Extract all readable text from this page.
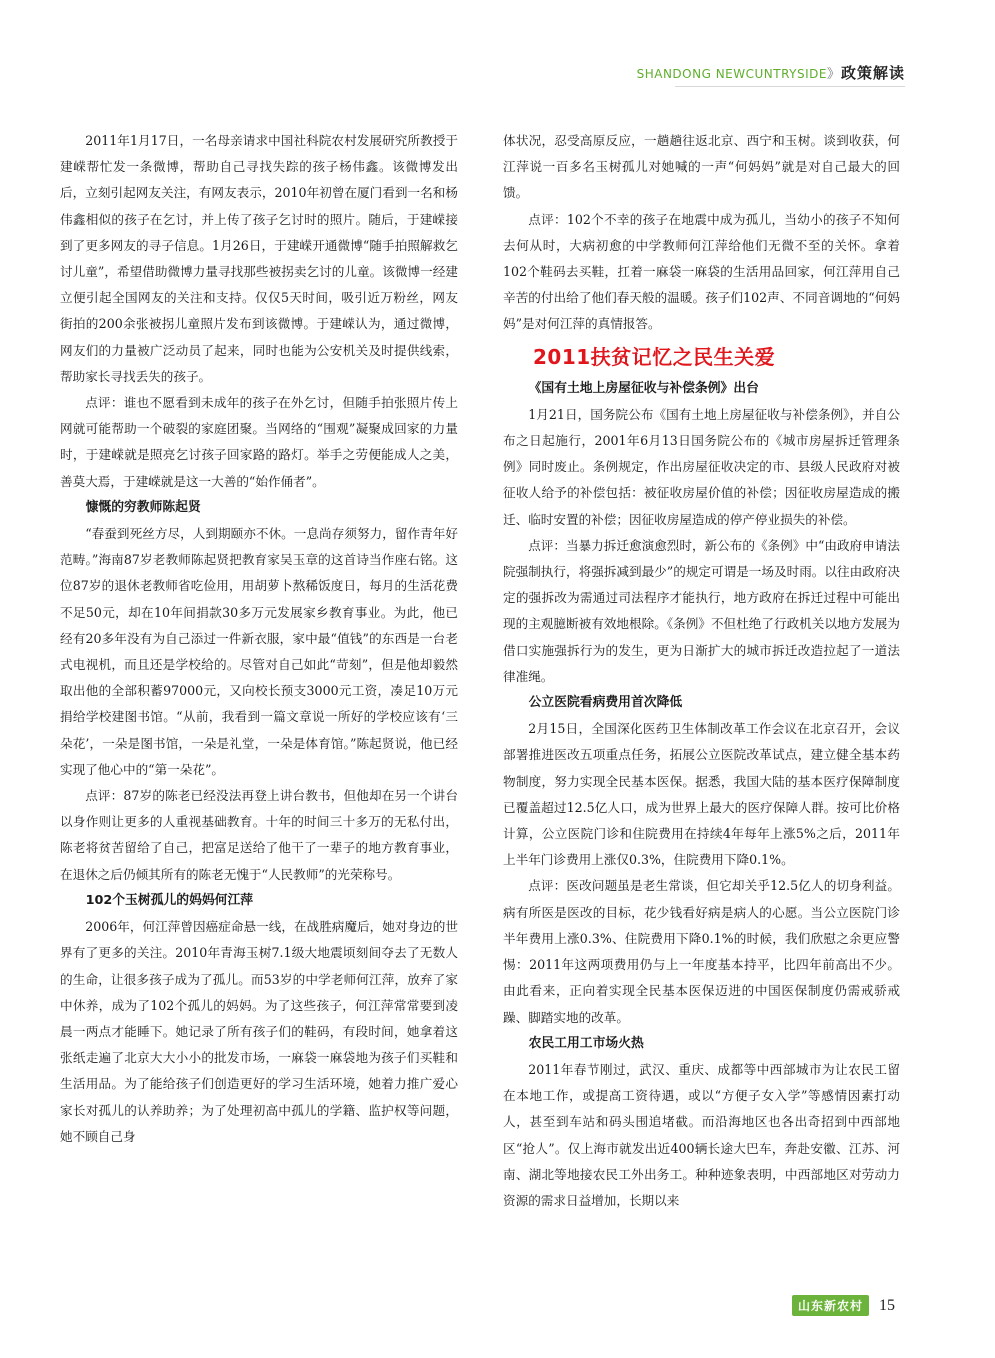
SHANDONG NEWCUNTRYSIDE》政策解读

2011年1月17日，一名母亲请求中国社科院农村发展研究所教授于建嵘帮忙发一条微博，帮助自己寻找失踪的孩子杨伟鑫。该微博发出后，立刻引起网友关注，有网友表示，2010年初曾在厦门看到一名和杨伟鑫相似的孩子在乞讨，并上传了孩子乞讨时的照片。随后，于建嵘接到了更多网友的寻子信息。1月26日，于建嵘开通微博“随手拍照解救乞讨儿童”，希望借助微博力量寻找那些被拐卖乞讨的儿童。该微博一经建立便引起全国网友的关注和支持。仅仅5天时间，吸引近万粉丝，网友街拍的200余张被拐儿童照片发布到该微博。于建嵘认为，通过微博，网友们的力量被广泛动员了起来，同时也能为公安机关及时提供线索，帮助家长寻找丢失的孩子。

点评：谁也不愿看到未成年的孩子在外乞讨，但随手拍张照片传上网就可能帮助一个破裂的家庭团聚。当网络的“围观”凝聚成回家的力量时，于建嵘就是照亮乞讨孩子回家路的路灯。举手之劳便能成人之美，善莫大焉，于建嵘就是这一大善的“始作俑者”。

慷慨的穷教师陈起贤

“春蚕到死丝方尽，人到期颐亦不休。一息尚存须努力，留作青年好范畴。”海南87岁老教师陈起贤把教育家吴玉章的这首诗当作座右铭。这位87岁的退休老教师省吃俭用，用胡萝卜熬稀饭度日，每月的生活花费不足50元，却在10年间捐款30多万元发展家乡教育事业。为此，他已经有20多年没有为自己添过一件新衣服，家中最“值钱”的东西是一台老式电视机，而且还是学校给的。尽管对自己如此“苛刻”，但是他却毅然取出他的全部积蓄97000元，又向校长预支3000元工资，凑足10万元捐给学校建图书馆。“从前，我看到一篇文章说一所好的学校应该有‘三朵花’，一朵是图书馆，一朵是礼堂，一朵是体育馆。”陈起贤说，他已经实现了他心中的“第一朵花”。

点评：87岁的陈老已经没法再登上讲台教书，但他却在另一个讲台以身作则让更多的人重视基础教育。十年的时间三十多万的无私付出，陈老将贫苦留给了自己，把富足送给了他干了一辈子的地方教育事业，在退休之后仍倾其所有的陈老无愧于“人民教师”的光荣称号。

102个玉树孤儿的妈妈何江萍

2006年，何江萍曾因癌症命悬一线，在战胜病魔后，她对身边的世界有了更多的关注。2010年青海玉树7.1级大地震顷刻间夺去了无数人的生命，让很多孩子成为了孤儿。而53岁的中学老师何江萍，放弃了家中休养，成为了102个孤儿的妈妈。为了这些孩子，何江萍常常要到凌晨一两点才能睡下。她记录了所有孩子们的鞋码，有段时间，她拿着这张纸走遍了北京大大小小的批发市场，一麻袋一麻袋地为孩子们买鞋和生活用品。为了能给孩子们创造更好的学习生活环境，她着力推广爱心家长对孤儿的认养助养；为了处理初高中孤儿的学籍、监护权等问题，她不顾自己身

体状况，忍受高原反应，一趟趟往返北京、西宁和玉树。谈到收获，何江萍说一百多名玉树孤儿对她喊的一声“何妈妈”就是对自己最大的回馈。

点评：102个不幸的孩子在地震中成为孤儿，当幼小的孩子不知何去何从时，大病初愈的中学教师何江萍给他们无微不至的关怀。拿着102个鞋码去买鞋，扛着一麻袋一麻袋的生活用品回家，何江萍用自己辛苦的付出给了他们春天般的温暖。孩子们102声、不同音调地的“何妈妈”是对何江萍的真情报答。

2011扶贫记忆之民生关爱
《国有土地上房屋征收与补偿条例》出台

1月21日，国务院公布《国有土地上房屋征收与补偿条例》，并自公布之日起施行，2001年6月13日国务院公布的《城市房屋拆迁管理条例》同时废止。条例规定，作出房屋征收决定的市、县级人民政府对被征收人给予的补偿包括：被征收房屋价值的补偿；因征收房屋造成的搬迁、临时安置的补偿；因征收房屋造成的停产停业损失的补偿。

点评：当暴力拆迁愈演愈烈时，新公布的《条例》中“由政府申请法院强制执行，将强拆减到最少”的规定可谓是一场及时雨。以往由政府决定的强拆改为需通过司法程序才能执行，地方政府在拆迁过程中可能出现的主观臆断被有效地根除。《条例》不但杜绝了行政机关以地方发展为借口实施强拆行为的发生，更为日渐扩大的城市拆迁改造拉起了一道法律准绳。

公立医院看病费用首次降低

2月15日，全国深化医药卫生体制改革工作会议在北京召开，会议部署推进医改五项重点任务，拓展公立医院改革试点，建立健全基本药物制度，努力实现全民基本医保。据悉，我国大陆的基本医疗保障制度已覆盖超过12.5亿人口，成为世界上最大的医疗保障人群。按可比价格计算，公立医院门诊和住院费用在持续4年每年上涨5%之后，2011年上半年门诊费用上涨仅0.3%，住院费用下降0.1%。

点评：医改问题虽是老生常谈，但它却关乎12.5亿人的切身利益。病有所医是医改的目标，花少钱看好病是病人的心愿。当公立医院门诊半年费用上涨0.3%、住院费用下降0.1%的时候，我们欣慰之余更应警惕：2011年这两项费用仍与上一年度基本持平，比四年前高出不少。由此看来，正向着实现全民基本医保迈进的中国医保制度仍需戒骄戒躁、脚踏实地的改革。

农民工用工市场火热

2011年春节刚过，武汉、重庆、成都等中西部城市为让农民工留在本地工作，或提高工资待遇，或以“方便子女入学”等感情因素打动人，甚至到车站和码头围追堵截。而沿海地区也各出奇招到中西部地区“抢人”。仅上海市就发出近400辆长途大巴车，奔赴安徽、江苏、河南、湖北等地接农民工外出务工。种种迹象表明，中西部地区对劳动力资源的需求日益增加，长期以来

山东新农村	15
